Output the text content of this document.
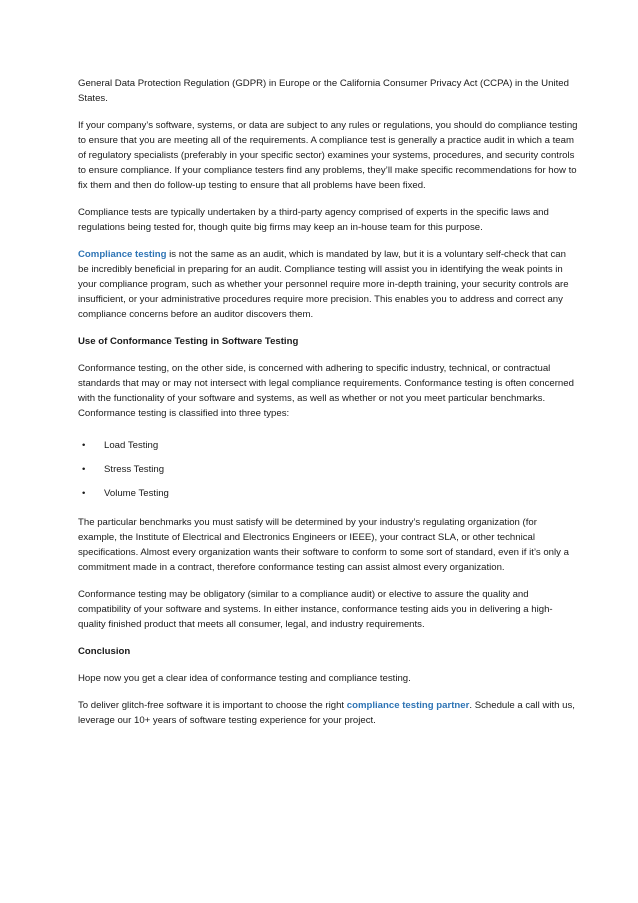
General Data Protection Regulation (GDPR) in Europe or the California Consumer Privacy Act (CCPA) in the United States.

If your company’s software, systems, or data are subject to any rules or regulations, you should do compliance testing to ensure that you are meeting all of the requirements. A compliance test is generally a practice audit in which a team of regulatory specialists (preferably in your specific sector) examines your systems, procedures, and security controls to ensure compliance. If your compliance testers find any problems, they’ll make specific recommendations for how to fix them and then do follow-up testing to ensure that all problems have been fixed.

Compliance tests are typically undertaken by a third-party agency comprised of experts in the specific laws and regulations being tested for, though quite big firms may keep an in-house team for this purpose.

Compliance testing is not the same as an audit, which is mandated by law, but it is a voluntary self-check that can be incredibly beneficial in preparing for an audit. Compliance testing will assist you in identifying the weak points in your compliance program, such as whether your personnel require more in-depth training, your security controls are insufficient, or your administrative procedures require more precision. This enables you to address and correct any compliance concerns before an auditor discovers them.

Use of Conformance Testing in Software Testing

Conformance testing, on the other side, is concerned with adhering to specific industry, technical, or contractual standards that may or may not intersect with legal compliance requirements. Conformance testing is often concerned with the functionality of your software and systems, as well as whether or not you meet particular benchmarks. Conformance testing is classified into three types:

• Load Testing
• Stress Testing
• Volume Testing

The particular benchmarks you must satisfy will be determined by your industry’s regulating organization (for example, the Institute of Electrical and Electronics Engineers or IEEE), your contract SLA, or other technical specifications. Almost every organization wants their software to conform to some sort of standard, even if it’s only a commitment made in a contract, therefore conformance testing can assist almost every organization.

Conformance testing may be obligatory (similar to a compliance audit) or elective to assure the quality and compatibility of your software and systems. In either instance, conformance testing aids you in delivering a high-quality finished product that meets all consumer, legal, and industry requirements.

Conclusion

Hope now you get a clear idea of conformance testing and compliance testing.

To deliver glitch-free software it is important to choose the right compliance testing partner. Schedule a call with us, leverage our 10+ years of software testing experience for your project.
